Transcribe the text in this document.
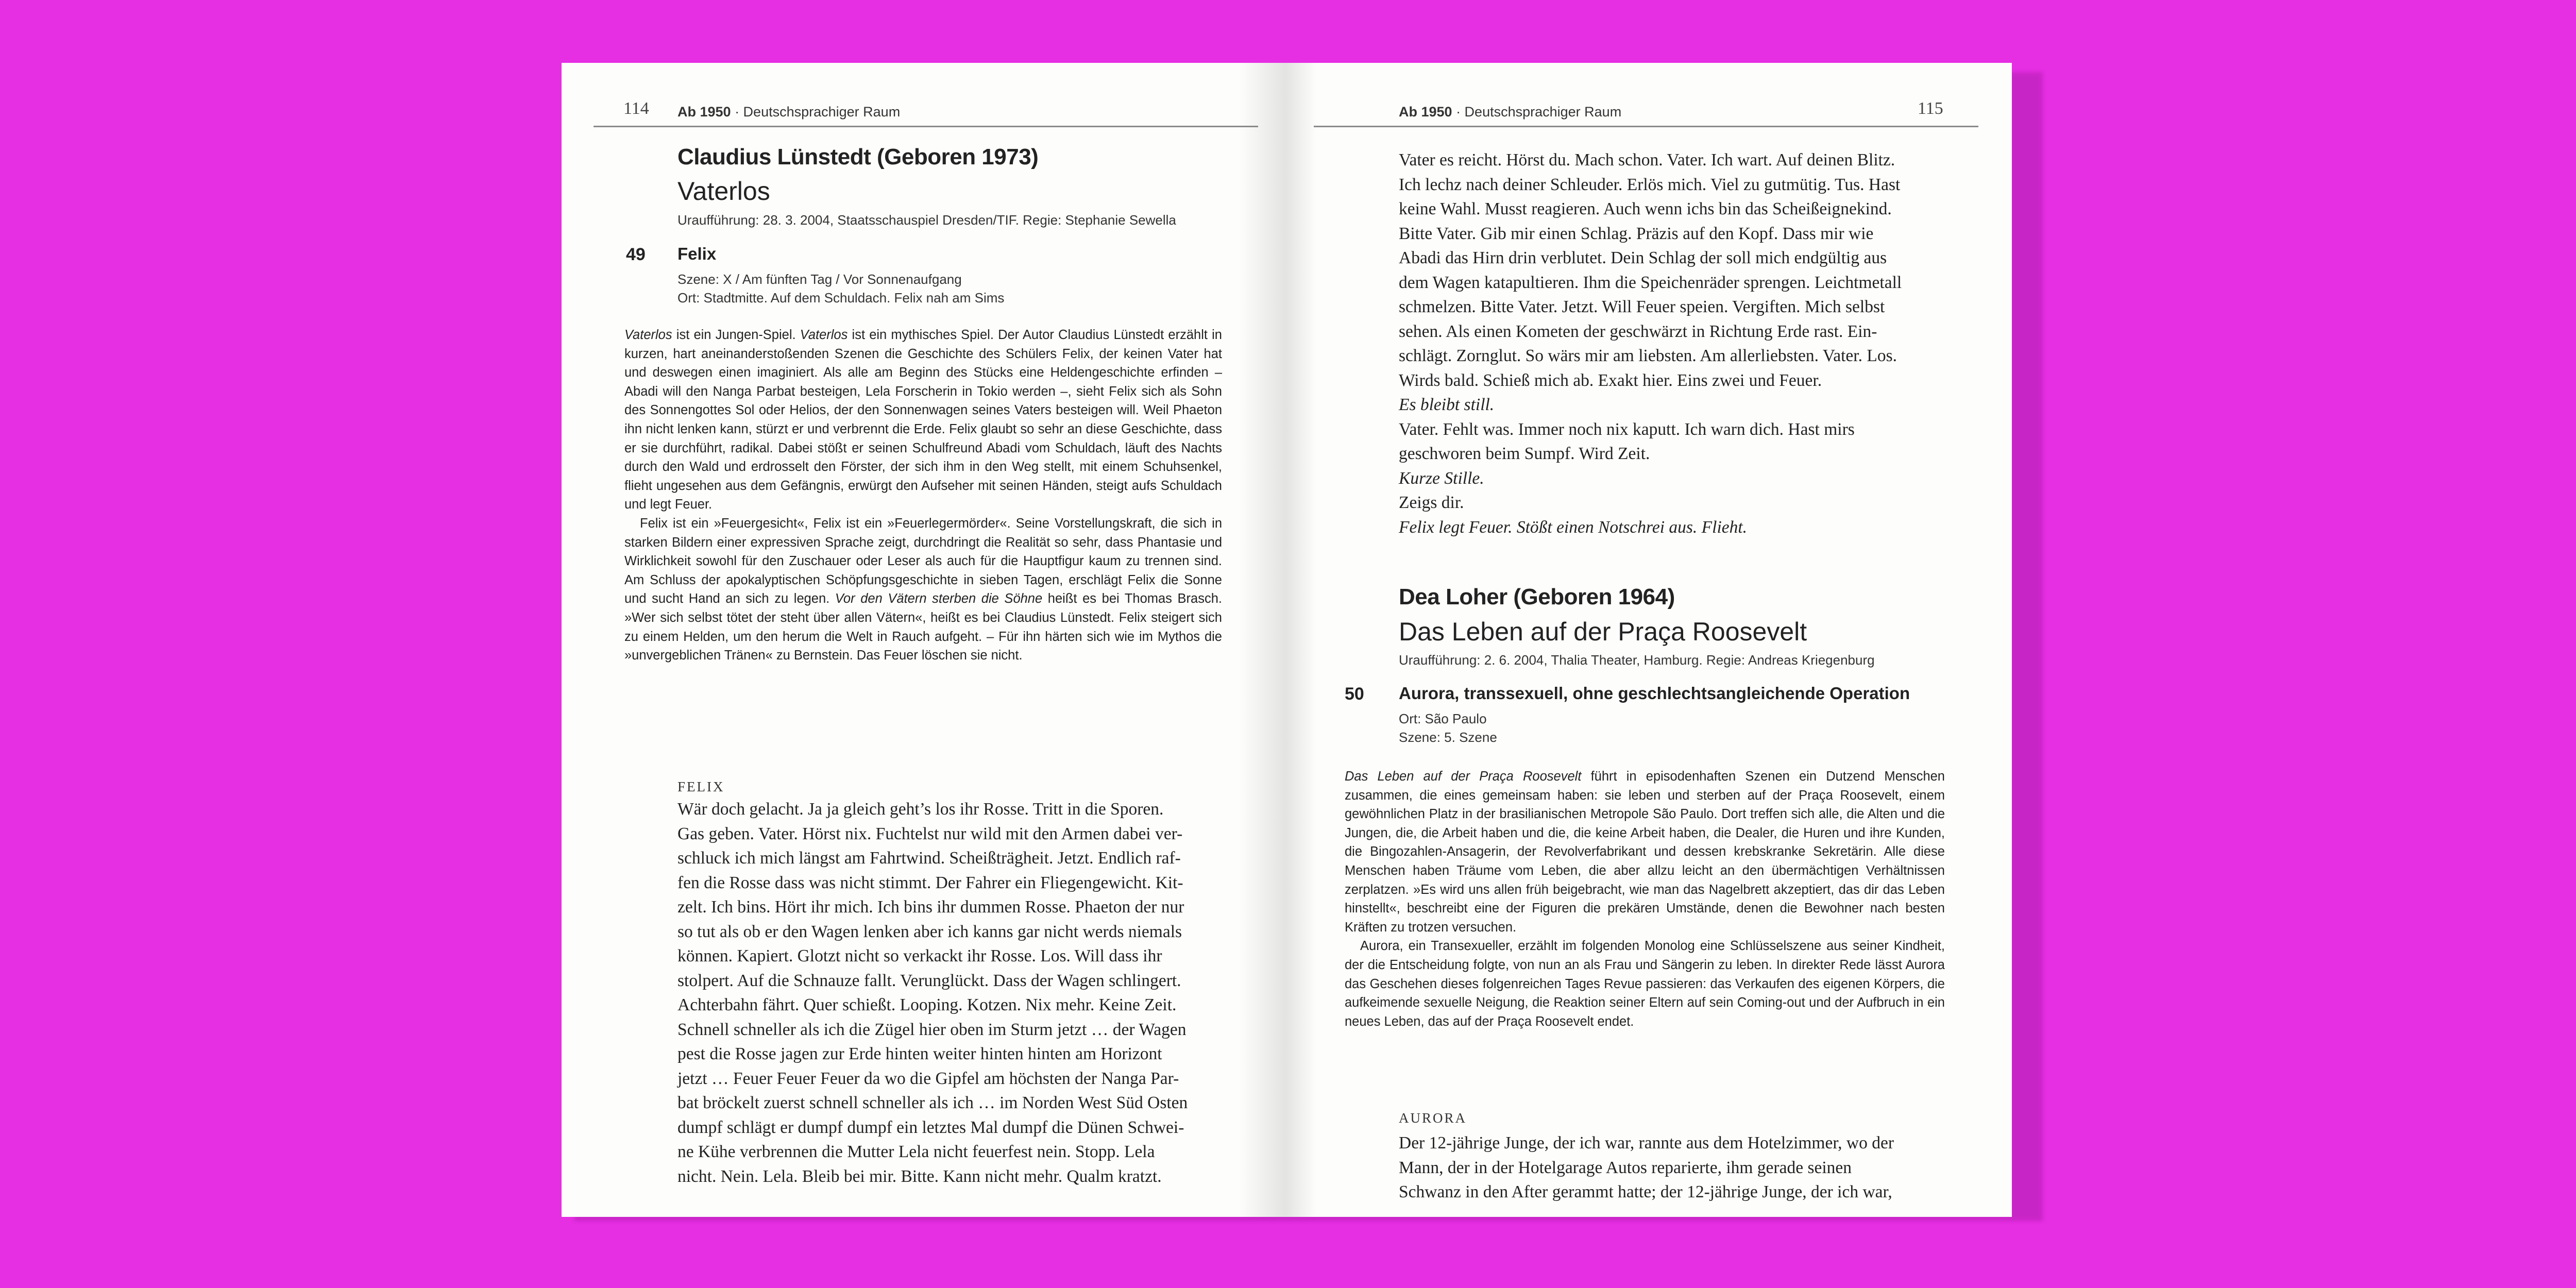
114 Ab 1950 · Deutschsprachiger Raum
Claudius Lünstedt (Geboren 1973)
Vaterlos
Uraufführung: 28. 3. 2004, Staatsschauspiel Dresden/TIF. Regie: Stephanie Sewella
49 Felix
Szene: X / Am fünften Tag / Vor Sonnenaufgang
Ort: Stadtmitte. Auf dem Schuldach. Felix nah am Sims

Vaterlos ist ein Jungen-Spiel. Vaterlos ist ein mythisches Spiel. Der Autor Claudius Lünstedt erzählt in kurzen, hart aneinanderstoßenden Szenen die Geschichte des Schülers Felix, der keinen Vater hat und deswegen einen imaginiert. Als alle am Beginn des Stücks eine Heldengeschichte erfinden – Abadi will den Nanga Parbat besteigen, Lela Forscherin in Tokio werden –, sieht Felix sich als Sohn des Sonnengottes Sol oder Helios, der den Sonnenwagen seines Vaters besteigen will. Weil Phaeton ihn nicht lenken kann, stürzt er und verbrennt die Erde. Felix glaubt so sehr an diese Geschichte, dass er sie durchführt, radikal. Dabei stößt er seinen Schulfreund Abadi vom Schuldach, läuft des Nachts durch den Wald und erdrosselt den Förster, der sich ihm in den Weg stellt, mit einem Schuhsenkel, flieht ungesehen aus dem Gefängnis, erwürgt den Aufseher mit seinen Händen, steigt aufs Schuldach und legt Feuer.

Felix ist ein »Feuergesicht«, Felix ist ein »Feuerlegermörder«. Seine Vorstellungskraft, die sich in starken Bildern einer expressiven Sprache zeigt, durchdringt die Realität so sehr, dass Phantasie und Wirklichkeit sowohl für den Zuschauer oder Leser als auch für die Hauptfigur kaum zu trennen sind. Am Schluss der apokalyptischen Schöpfungsgeschichte in sieben Tagen, erschlägt Felix die Sonne und sucht Hand an sich zu legen. Vor den Vätern sterben die Söhne heißt es bei Thomas Brasch. »Wer sich selbst tötet der steht über allen Vätern«, heißt es bei Claudius Lünstedt. Felix steigert sich zu einem Helden, um den herum die Welt in Rauch aufgeht. – Für ihn härten sich wie im Mythos die »unvergeblichen Tränen« zu Bernstein. Das Feuer löschen sie nicht.

FELIX
Wär doch gelacht. Ja ja gleich geht’s los ihr Rosse. Tritt in die Sporen.
Gas geben. Vater. Hörst nix. Fuchtelst nur wild mit den Armen dabei ver-
schluck ich mich längst am Fahrtwind. Scheißträgheit. Jetzt. Endlich raf-
fen die Rosse dass was nicht stimmt. Der Fahrer ein Fliegengewicht. Kit-
zelt. Ich bins. Hört ihr mich. Ich bins ihr dummen Rosse. Phaeton der nur
so tut als ob er den Wagen lenken aber ich kanns gar nicht werds niemals
können. Kapiert. Glotzt nicht so verkackt ihr Rosse. Los. Will dass ihr
stolpert. Auf die Schnauze fallt. Verunglückt. Dass der Wagen schlingert.
Achterbahn fährt. Quer schießt. Looping. Kotzen. Nix mehr. Keine Zeit.
Schnell schneller als ich die Zügel hier oben im Sturm jetzt … der Wagen
pest die Rosse jagen zur Erde hinten weiter hinten hinten am Horizont
jetzt … Feuer Feuer Feuer da wo die Gipfel am höchsten der Nanga Par-
bat bröckelt zuerst schnell schneller als ich … im Norden West Süd Osten
dumpf schlägt er dumpf dumpf ein letztes Mal dumpf die Dünen Schwei-
ne Kühe verbrennen die Mutter Lela nicht feuerfest nein. Stopp. Lela
nicht. Nein. Lela. Bleib bei mir. Bitte. Kann nicht mehr. Qualm kratzt.
Ab 1950 · Deutschsprachiger Raum	115
Vater es reicht. Hörst du. Mach schon. Vater. Ich wart. Auf deinen Blitz.
Ich lechz nach deiner Schleuder. Erlös mich. Viel zu gutmütig. Tus. Hast
keine Wahl. Musst reagieren. Auch wenn ichs bin das Scheißeignekind.
Bitte Vater. Gib mir einen Schlag. Präzis auf den Kopf. Dass mir wie
Abadi das Hirn drin verblutet. Dein Schlag der soll mich endgültig aus
dem Wagen katapultieren. Ihm die Speichenräder sprengen. Leichtmetall
schmelzen. Bitte Vater. Jetzt. Will Feuer speien. Vergiften. Mich selbst
sehen. Als einen Kometen der geschwärzt in Richtung Erde rast. Ein-
schlägt. Zornglut. So wärs mir am liebsten. Am allerliebsten. Vater. Los.
Wirds bald. Schieß mich ab. Exakt hier. Eins zwei und Feuer.
Es bleibt still.
Vater. Fehlt was. Immer noch nix kaputt. Ich warn dich. Hast mirs
geschworen beim Sumpf. Wird Zeit.
Kurze Stille.
Zeigs dir.
Felix legt Feuer. Stößt einen Notschrei aus. Flieht.
Dea Loher (Geboren 1964)
Das Leben auf der Praça Roosevelt
Uraufführung: 2. 6. 2004, Thalia Theater, Hamburg. Regie: Andreas Kriegenburg
50 Aurora, transsexuell, ohne geschlechtsangleichende Operation
Ort: São Paulo
Szene: 5. Szene

Das Leben auf der Praça Roosevelt führt in episodenhaften Szenen ein Dutzend Menschen zusammen, die eines gemeinsam haben: sie leben und sterben auf der Praça Roosevelt, einem gewöhnlichen Platz in der brasilianischen Metropole São Paulo. Dort treffen sich alle, die Alten und die Jungen, die, die Arbeit haben und die, die keine Arbeit haben, die Dealer, die Huren und ihre Kunden, die Bingozahlen-Ansagerin, der Revolverfabrikant und dessen krebskranke Sekretärin. Alle diese Menschen haben Träume vom Leben, die aber allzu leicht an den übermächtigen Verhältnissen zerplatzen. »Es wird uns allen früh beigebracht, wie man das Nagelbrett akzeptiert, das dir das Leben hinstellt«, beschreibt eine der Figuren die prekären Umstände, denen die Bewohner nach besten Kräften zu trotzen versuchen.

Aurora, ein Transexueller, erzählt im folgenden Monolog eine Schlüsselszene aus seiner Kindheit, der die Entscheidung folgte, von nun an als Frau und Sängerin zu leben. In direkter Rede lässt Aurora das Geschehen dieses folgenreichen Tages Revue passieren: das Verkaufen des eigenen Körpers, die aufkeimende sexuelle Neigung, die Reaktion seiner Eltern auf sein Coming-out und der Aufbruch in ein neues Leben, das auf der Praça Roosevelt endet.

AURORA
Der 12-jährige Junge, der ich war, rannte aus dem Hotelzimmer, wo der
Mann, der in der Hotelgarage Autos reparierte, ihm gerade seinen
Schwanz in den After gerammt hatte; der 12-jährige Junge, der ich war,
